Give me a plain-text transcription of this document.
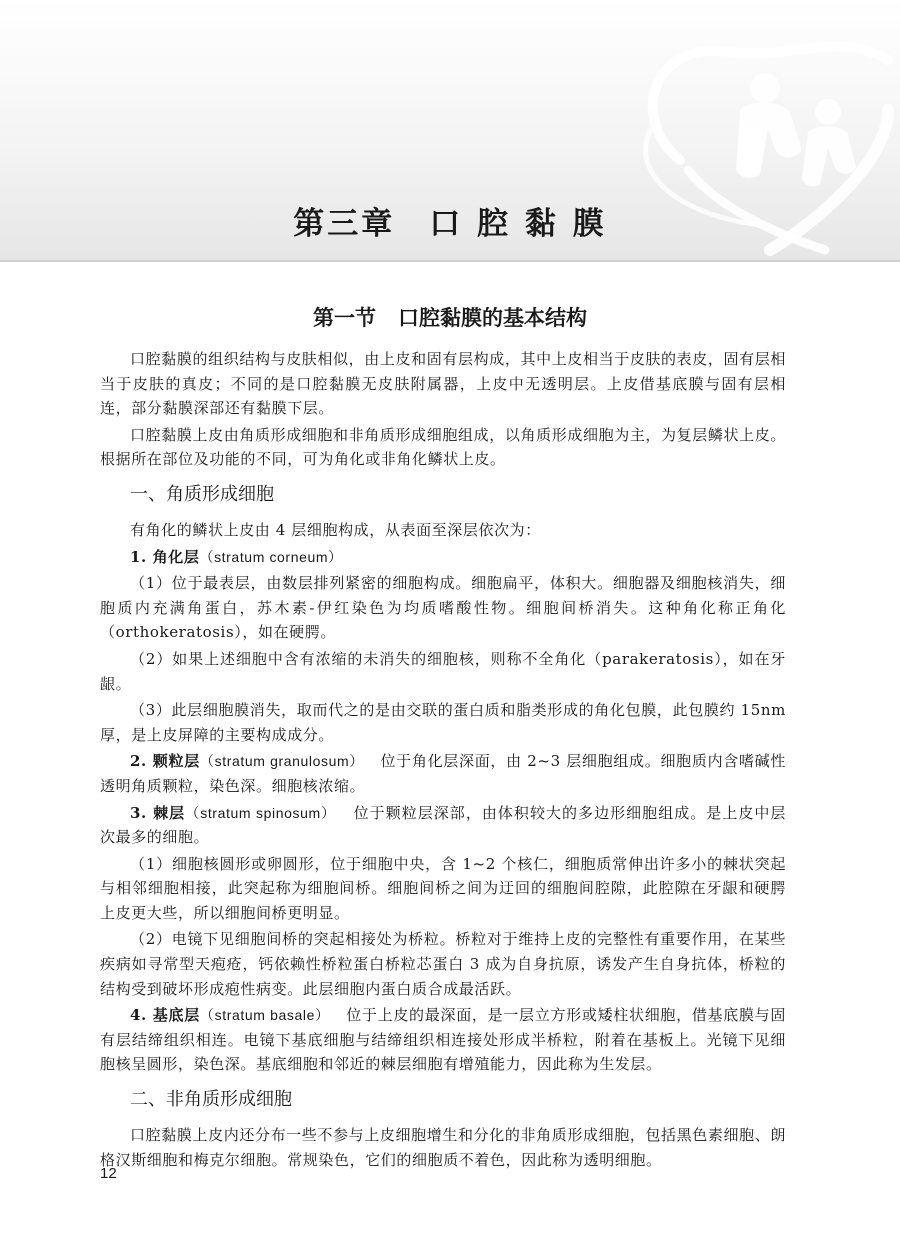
第三章 口 腔 黏 膜
第一节 口腔黏膜的基本结构

口腔黏膜的组织结构与皮肤相似，由上皮和固有层构成，其中上皮相当于皮肤的表皮，固有层相当于皮肤的真皮；不同的是口腔黏膜无皮肤附属器，上皮中无透明层。上皮借基底膜与固有层相连，部分黏膜深部还有黏膜下层。

口腔黏膜上皮由角质形成细胞和非角质形成细胞组成，以角质形成细胞为主，为复层鳞状上皮。根据所在部位及功能的不同，可为角化或非角化鳞状上皮。

一、角质形成细胞

有角化的鳞状上皮由 4 层细胞构成，从表面至深层依次为：

1. 角化层（stratum corneum）

（1）位于最表层，由数层排列紧密的细胞构成。细胞扁平，体积大。细胞器及细胞核消失，细胞质内充满角蛋白，苏木素-伊红染色为均质嗜酸性物。细胞间桥消失。这种角化称正角化（orthokeratosis），如在硬腭。

（2）如果上述细胞中含有浓缩的未消失的细胞核，则称不全角化（parakeratosis），如在牙龈。

（3）此层细胞膜消失，取而代之的是由交联的蛋白质和脂类形成的角化包膜，此包膜约 15nm 厚，是上皮屏障的主要构成成分。

2. 颗粒层（stratum granulosum） 位于角化层深面，由 2~3 层细胞组成。细胞质内含嗜碱性透明角质颗粒，染色深。细胞核浓缩。

3. 棘层（stratum spinosum） 位于颗粒层深部，由体积较大的多边形细胞组成。是上皮中层次最多的细胞。

（1）细胞核圆形或卵圆形，位于细胞中央，含 1~2 个核仁，细胞质常伸出许多小的棘状突起与相邻细胞相接，此突起称为细胞间桥。细胞间桥之间为迂回的细胞间腔隙，此腔隙在牙龈和硬腭上皮更大些，所以细胞间桥更明显。

（2）电镜下见细胞间桥的突起相接处为桥粒。桥粒对于维持上皮的完整性有重要作用，在某些疾病如寻常型天疱疮，钙依赖性桥粒蛋白桥粒芯蛋白 3 成为自身抗原，诱发产生自身抗体，桥粒的结构受到破坏形成疱性病变。此层细胞内蛋白质合成最活跃。

4. 基底层（stratum basale） 位于上皮的最深面，是一层立方形或矮柱状细胞，借基底膜与固有层结缔组织相连。电镜下基底细胞与结缔组织相连接处形成半桥粒，附着在基板上。光镜下见细胞核呈圆形，染色深。基底细胞和邻近的棘层细胞有增殖能力，因此称为生发层。

二、非角质形成细胞

口腔黏膜上皮内还分布一些不参与上皮细胞增生和分化的非角质形成细胞，包括黑色素细胞、朗格汉斯细胞和梅克尔细胞。常规染色，它们的细胞质不着色，因此称为透明细胞。

12
